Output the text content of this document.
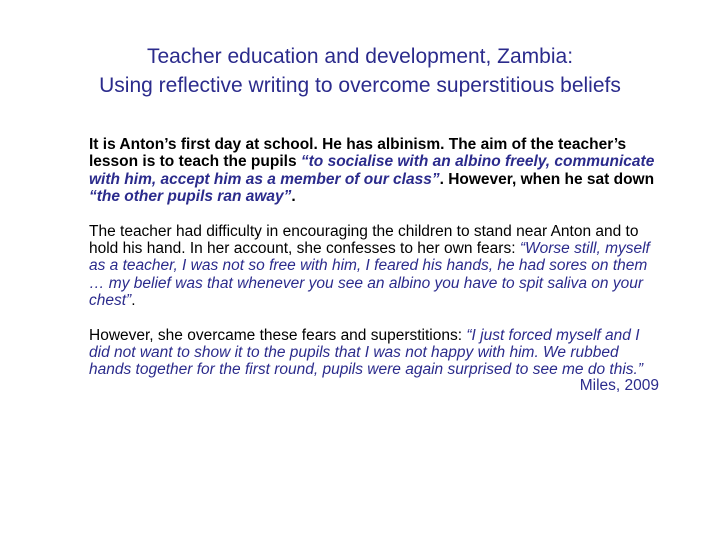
Teacher education and development, Zambia:
Using reflective writing to overcome superstitious beliefs

It is Anton’s first day at school. He has albinism. The aim of the teacher’s lesson is to teach the pupils “to socialise with an albino freely, communicate with him, accept him as a member of our class”. However, when he sat down “the other pupils ran away”.

The teacher had difficulty in encouraging the children to stand near Anton and to hold his hand. In her account, she confesses to her own fears: “Worse still, myself as a teacher, I was not so free with him, I feared his hands, he had sores on them … my belief was that whenever you see an albino you have to spit saliva on your chest”.

However, she overcame these fears and superstitions: “I just forced myself and I did not want to show it to the pupils that I was not happy with him. We rubbed hands together for the first round, pupils were again surprised to see me do this.”

Miles, 2009
